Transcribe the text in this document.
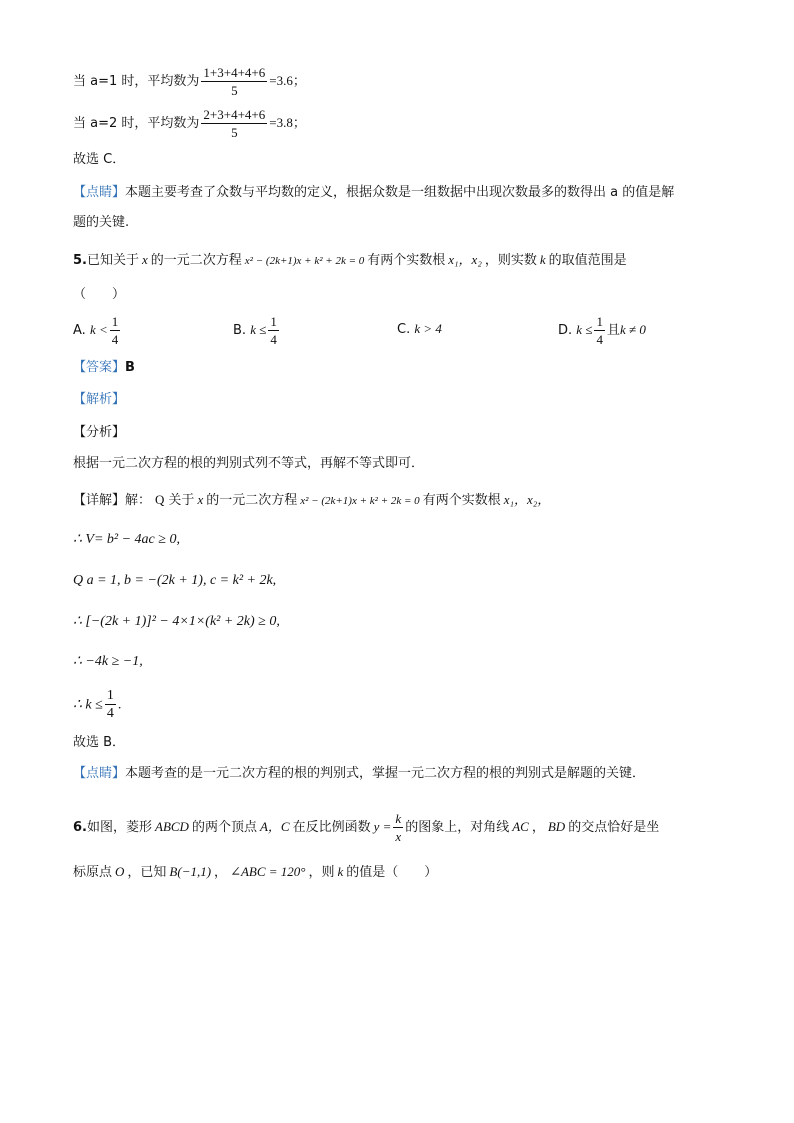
当 a=1 时，平均数为 $\frac{1+3+4+4+6}{5} =3.6$；
当 a=2 时，平均数为 $\frac{2+3+4+4+6}{5} =3.8$；
故选 C．
【点睛】本题主要考查了众数与平均数的定义，根据众数是一组数据中出现次数最多的数得出 a 的值是解
题的关键.
5.已知关于 x 的一元二次方程 x² − (2k+1)x + k² + 2k = 0 有两个实数根 x₁，x₂ ，则实数 k 的取值范围是
（　　）
A. $k < \frac{1}{4}$	B. $k \le \frac{1}{4}$	C. k > 4	D. $k \le \frac{1}{4}$ 且k ≠ 0
【答案】B
【解析】
【分析】
根据一元二次方程的根的判别式列不等式，再解不等式即可．
【详解】解： Q 关于 x 的一元二次方程 x² − (2k+1)x + k² + 2k = 0 有两个实数根 x₁，x₂，
∴ V= b² − 4ac ≥ 0,
Q a = 1, b = −(2k + 1), c = k² + 2k,
∴ [−(2k + 1)]² − 4×1×(k² + 2k) ≥ 0,
∴ −4k ≥ −1,
∴ $k \le \frac{1}{4}$ .
故选 B．
【点睛】本题考查的是一元二次方程的根的判别式，掌握一元二次方程的根的判别式是解题的关键．
6.如图，菱形 ABCD 的两个顶点 A，C 在反比例函数 $y = \frac{k}{x}$ 的图象上，对角线 AC ， BD 的交点恰好是坐
标原点 O ，已知 B(−1,1) ， ∠ABC = 120° ，则 k 的值是（　　）
